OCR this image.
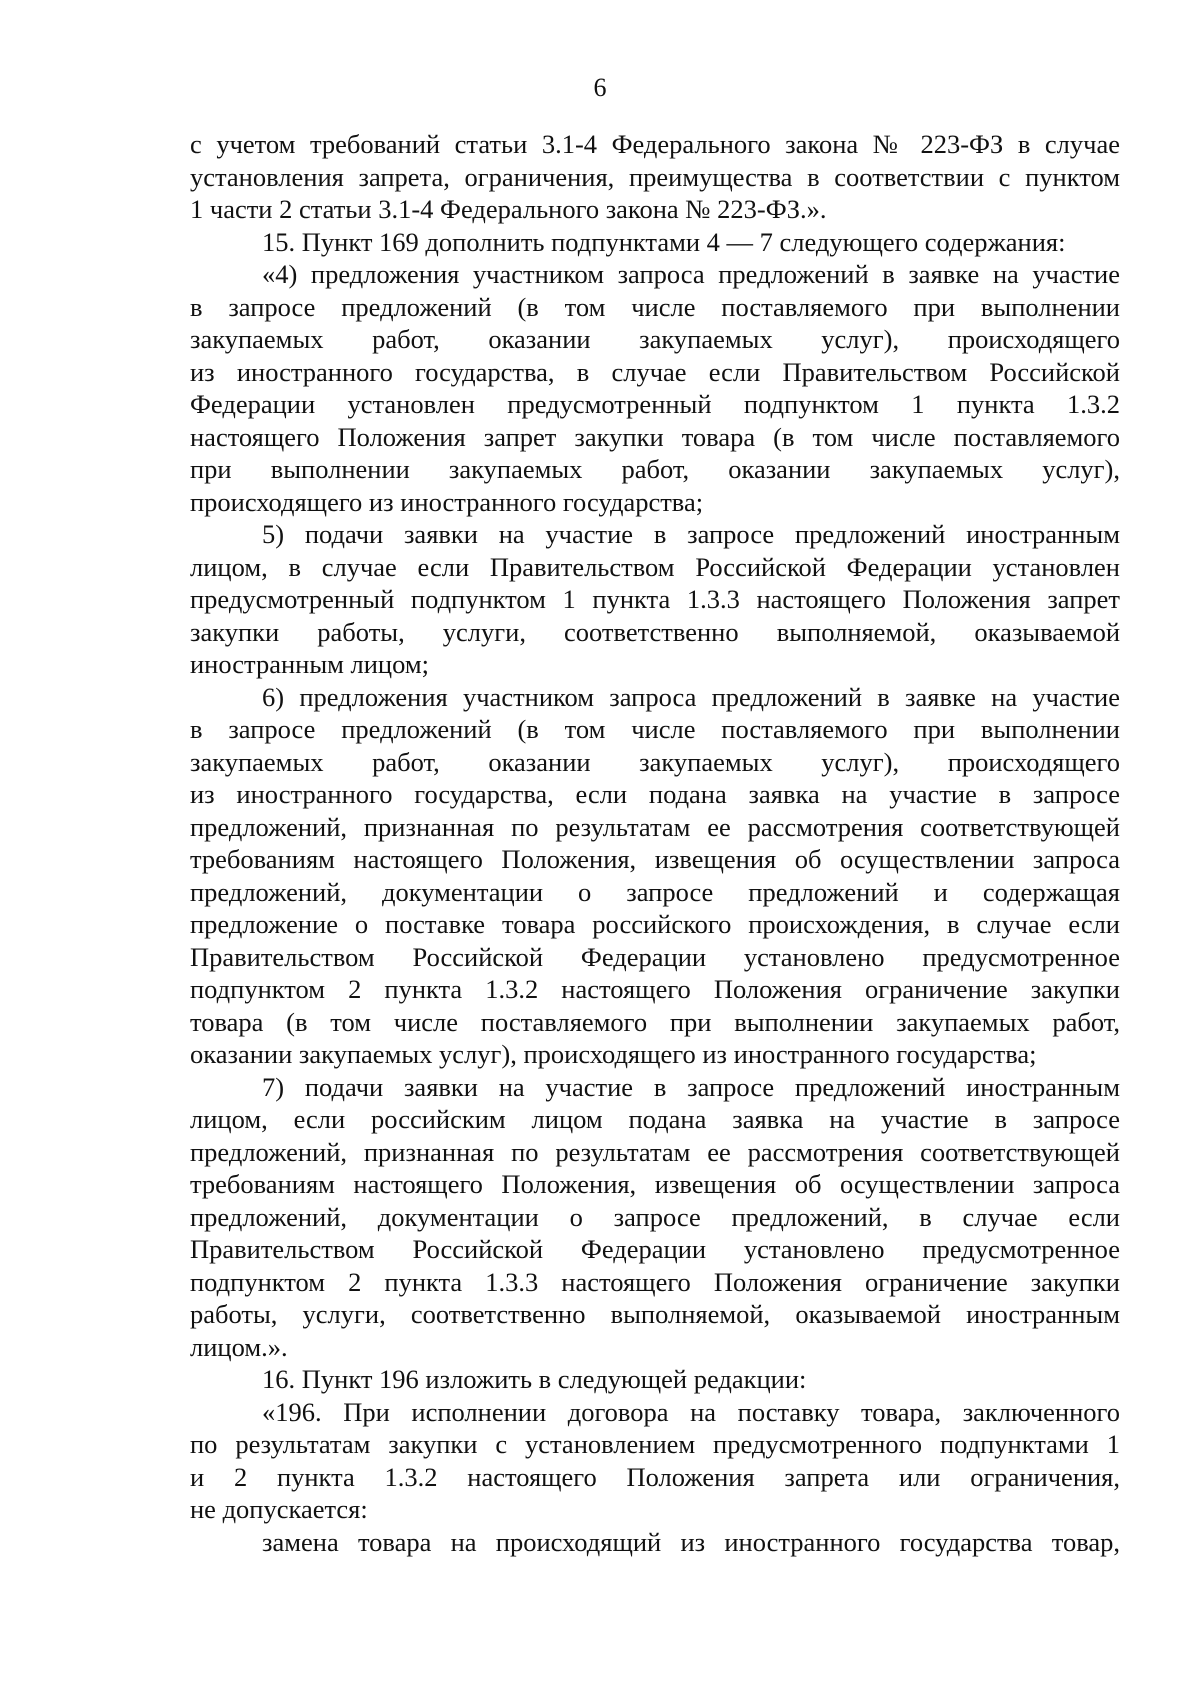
6
с учетом требований статьи 3.1-4 Федерального закона № 223-ФЗ в случае
установления запрета, ограничения, преимущества в соответствии с пунктом
1 части 2 статьи 3.1-4 Федерального закона № 223-ФЗ.».
15. Пункт 169 дополнить подпунктами 4 — 7 следующего содержания:
«4) предложения участником запроса предложений в заявке на участие
в запросе предложений (в том числе поставляемого при выполнении
закупаемых работ, оказании закупаемых услуг), происходящего
из иностранного государства, в случае если Правительством Российской
Федерации установлен предусмотренный подпунктом 1 пункта 1.3.2
настоящего Положения запрет закупки товара (в том числе поставляемого
при выполнении закупаемых работ, оказании закупаемых услуг),
происходящего из иностранного государства;
5) подачи заявки на участие в запросе предложений иностранным
лицом, в случае если Правительством Российской Федерации установлен
предусмотренный подпунктом 1 пункта 1.3.3 настоящего Положения запрет
закупки работы, услуги, соответственно выполняемой, оказываемой
иностранным лицом;
6) предложения участником запроса предложений в заявке на участие
в запросе предложений (в том числе поставляемого при выполнении
закупаемых работ, оказании закупаемых услуг), происходящего
из иностранного государства, если подана заявка на участие в запросе
предложений, признанная по результатам ее рассмотрения соответствующей
требованиям настоящего Положения, извещения об осуществлении запроса
предложений, документации о запросе предложений и содержащая
предложение о поставке товара российского происхождения, в случае если
Правительством Российской Федерации установлено предусмотренное
подпунктом 2 пункта 1.3.2 настоящего Положения ограничение закупки
товара (в том числе поставляемого при выполнении закупаемых работ,
оказании закупаемых услуг), происходящего из иностранного государства;
7) подачи заявки на участие в запросе предложений иностранным
лицом, если российским лицом подана заявка на участие в запросе
предложений, признанная по результатам ее рассмотрения соответствующей
требованиям настоящего Положения, извещения об осуществлении запроса
предложений, документации о запросе предложений, в случае если
Правительством Российской Федерации установлено предусмотренное
подпунктом 2 пункта 1.3.3 настоящего Положения ограничение закупки
работы, услуги, соответственно выполняемой, оказываемой иностранным
лицом.».
16. Пункт 196 изложить в следующей редакции:
«196. При исполнении договора на поставку товара, заключенного
по результатам закупки с установлением предусмотренного подпунктами 1
и 2 пункта 1.3.2 настоящего Положения запрета или ограничения,
не допускается:
замена товара на происходящий из иностранного государства товар,
